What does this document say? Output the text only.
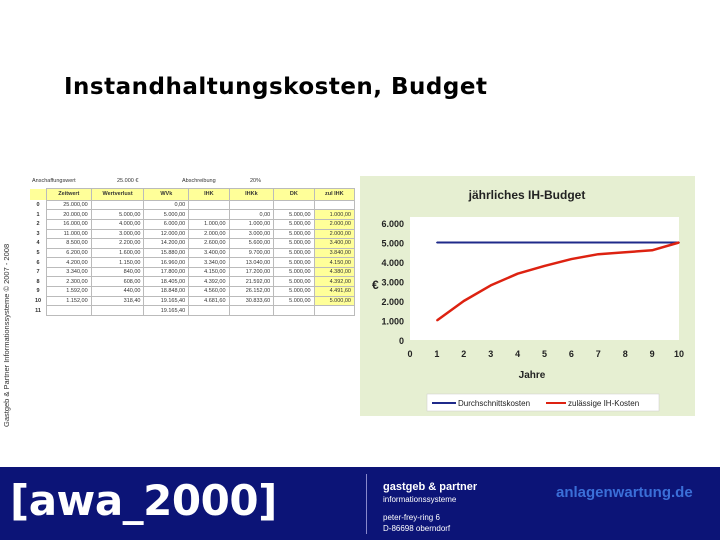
Instandhaltungskosten, Budget
Gastgeb & Partner Informationssysteme © 2007 - 2008
Anschaffungswert	25.000 €	Abschreibung	20%
	Zeitwert	Wertverlust	WVk	IHK	IHKk	DK	zul IHK
0	25.000,00		0,00				
1	20.000,00	5.000,00	5.000,00		0,00	5.000,00	1.000,00
2	16.000,00	4.000,00	6.000,00	1.000,00	1.000,00	5.000,00	2.000,00
3	11.000,00	3.000,00	12.000,00	2.000,00	3.000,00	5.000,00	2.000,00
4	8.500,00	2.200,00	14.200,00	2.600,00	5.600,00	5.000,00	3.400,00
5	6.200,00	1.600,00	15.880,00	3.400,00	9.700,00	5.000,00	3.840,00
6	4.200,00	1.150,00	16.960,00	3.340,00	13.040,00	5.000,00	4.150,00
7	3.340,00	840,00	17.800,00	4.150,00	17.200,00	5.000,00	4.380,00
8	2.300,00	608,00	18.405,00	4.392,00	21.592,00	5.000,00	4.392,00
9	1.592,00	440,00	18.848,00	4.560,00	26.152,00	5.000,00	4.491,60
10	1.152,00	318,40	19.165,40	4.681,60	30.833,60	5.000,00	5.000,00
11			19.165,40				
jährliches IH-Budget
0
1.000
2.000
3.000
4.000
5.000
6.000
€
0 1 2 3 4 5 6 7 8 9 10
Jahre
Durchschnittskosten	zulässige IH-Kosten
[awa_2000]	gastgeb & partner
informationssysteme
peter-frey-ring 6
D-86698 oberndorf
anlagenwartung.de
